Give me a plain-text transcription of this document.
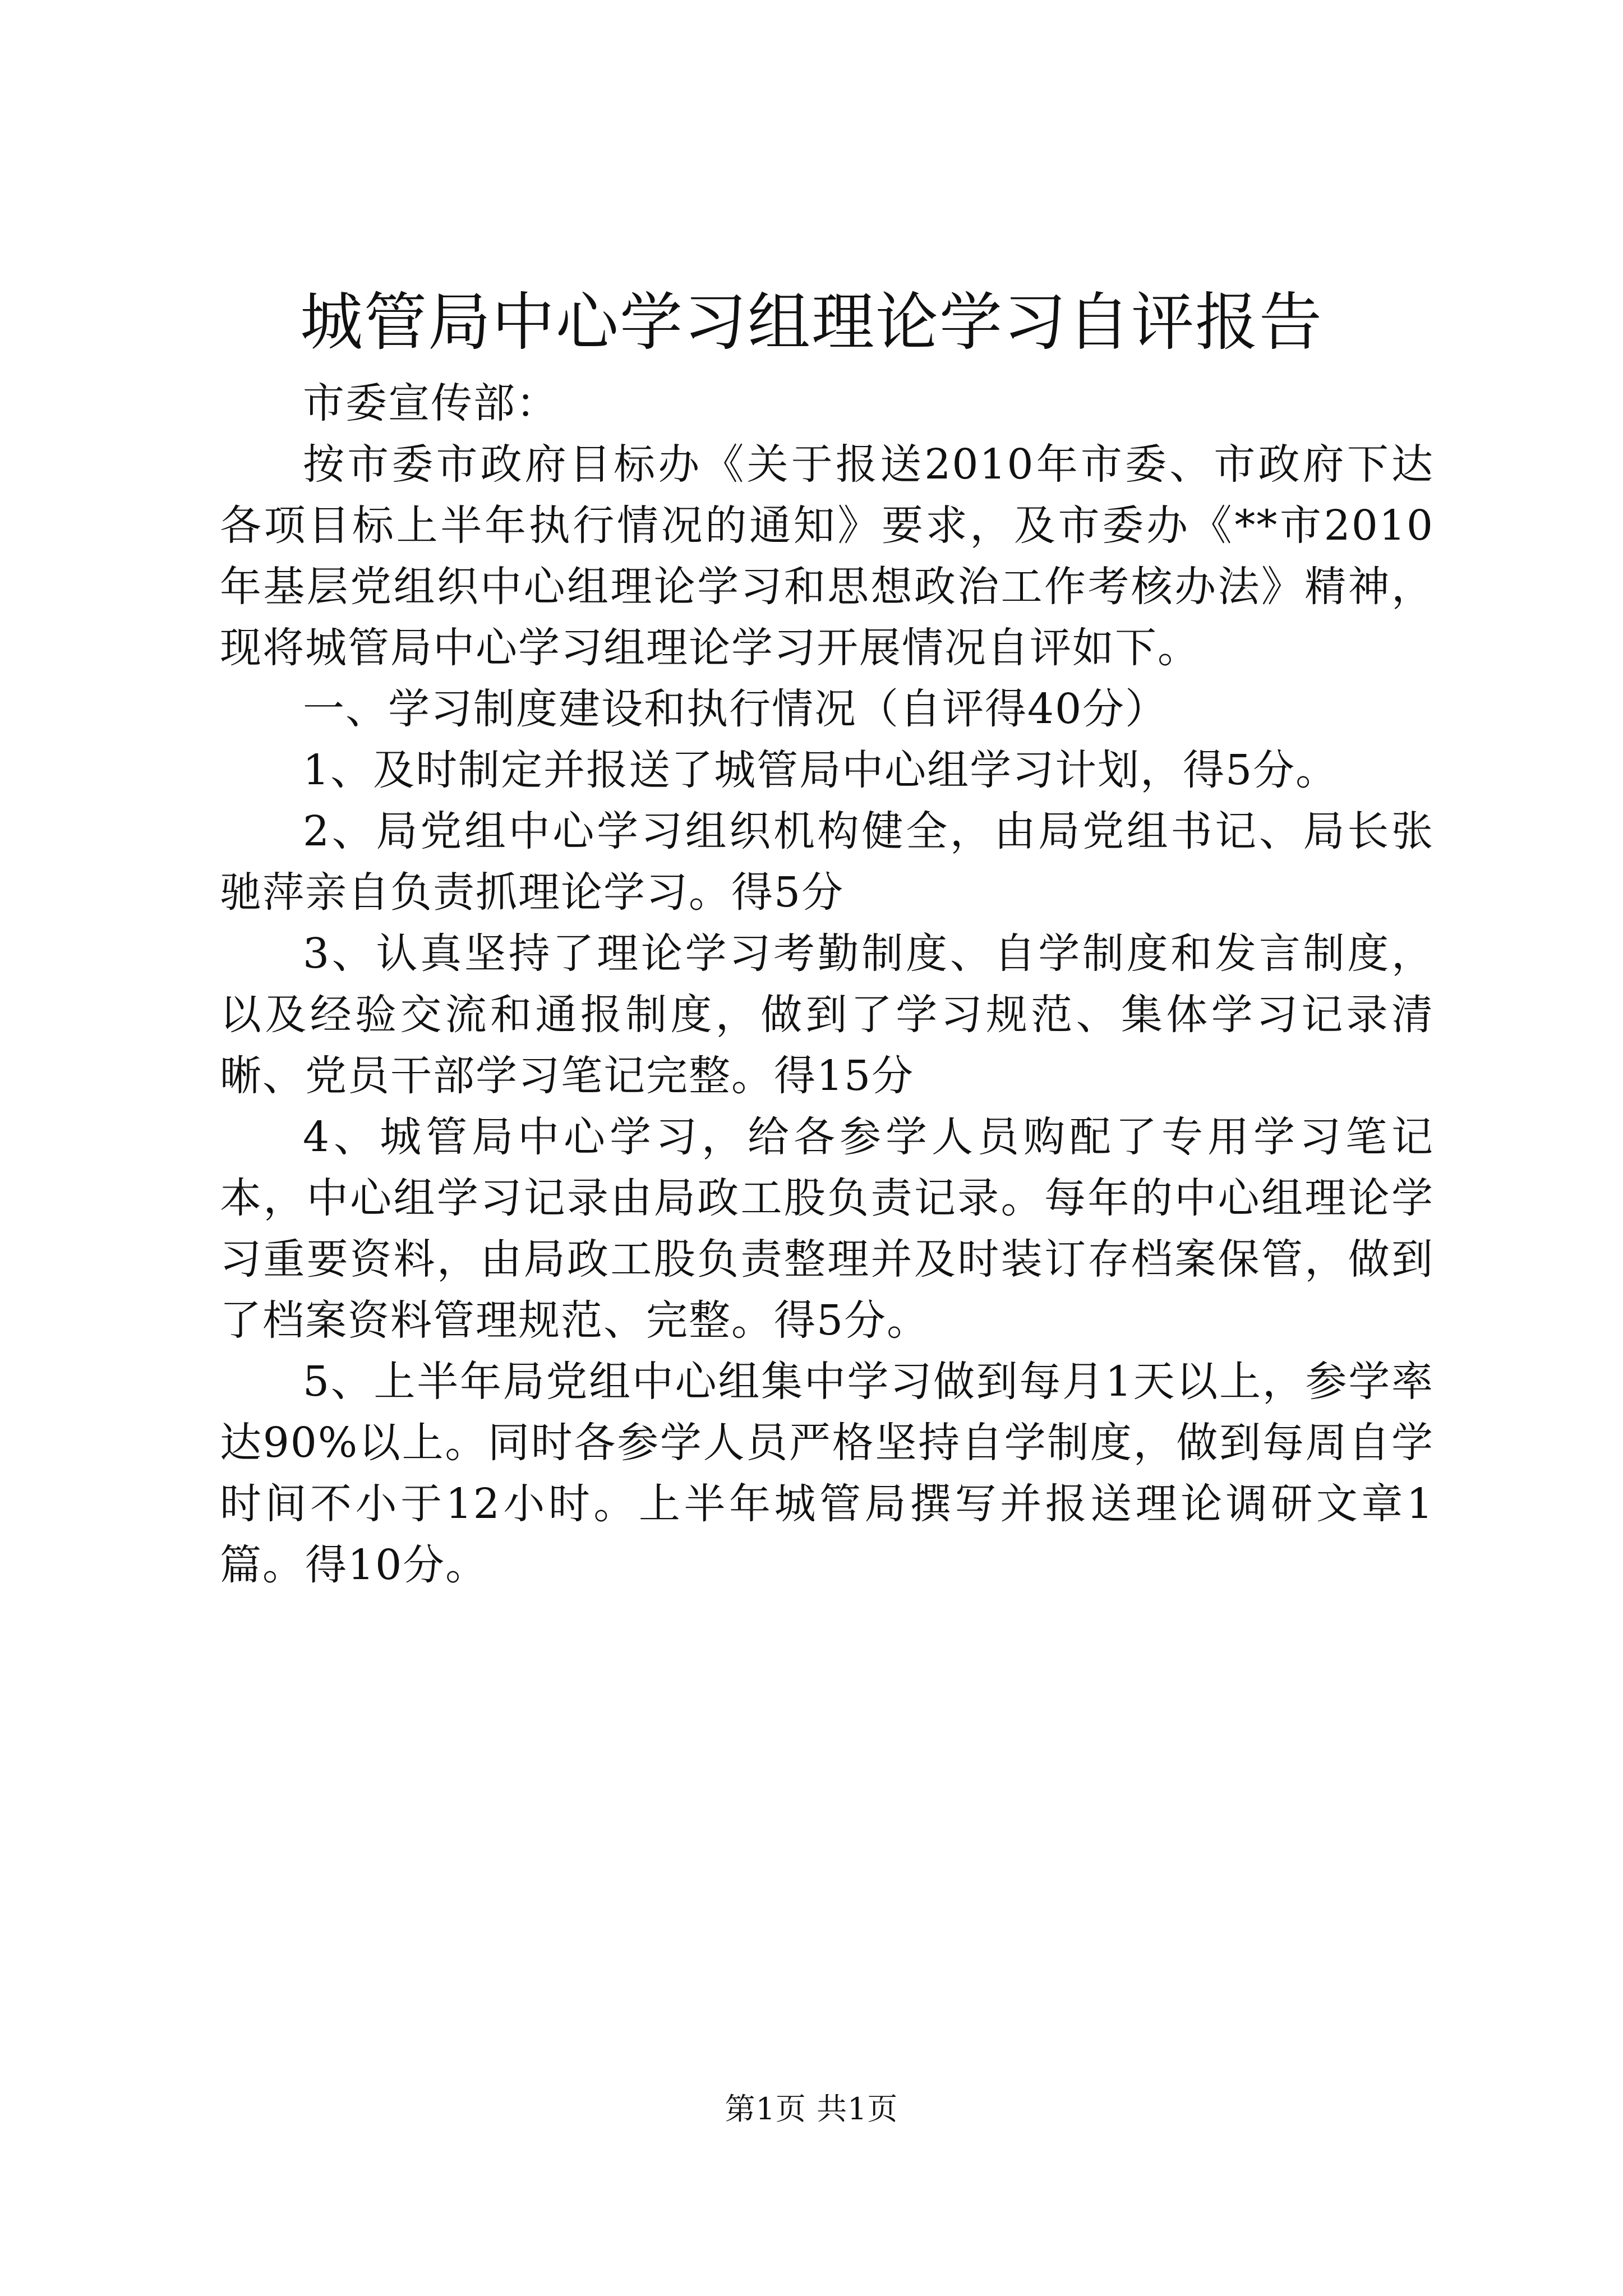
城管局中心学习组理论学习自评报告

市委宣传部：

按市委市政府目标办《关于报送2010年市委、市政府下达各项目标上半年执行情况的通知》要求，及市委办《**市2010年基层党组织中心组理论学习和思想政治工作考核办法》精神，现将城管局中心学习组理论学习开展情况自评如下。

一、学习制度建设和执行情况（自评得40分）

1、及时制定并报送了城管局中心组学习计划，得5分。

2、局党组中心学习组织机构健全，由局党组书记、局长张驰萍亲自负责抓理论学习。得5分

3、认真坚持了理论学习考勤制度、自学制度和发言制度，以及经验交流和通报制度，做到了学习规范、集体学习记录清晰、党员干部学习笔记完整。得15分

4、城管局中心学习，给各参学人员购配了专用学习笔记本，中心组学习记录由局政工股负责记录。每年的中心组理论学习重要资料，由局政工股负责整理并及时装订存档案保管，做到了档案资料管理规范、完整。得5分。

5、上半年局党组中心组集中学习做到每月1天以上，参学率达90%以上。同时各参学人员严格坚持自学制度，做到每周自学时间不小于12小时。上半年城管局撰写并报送理论调研文章1篇。得10分。

第1页 共1页
